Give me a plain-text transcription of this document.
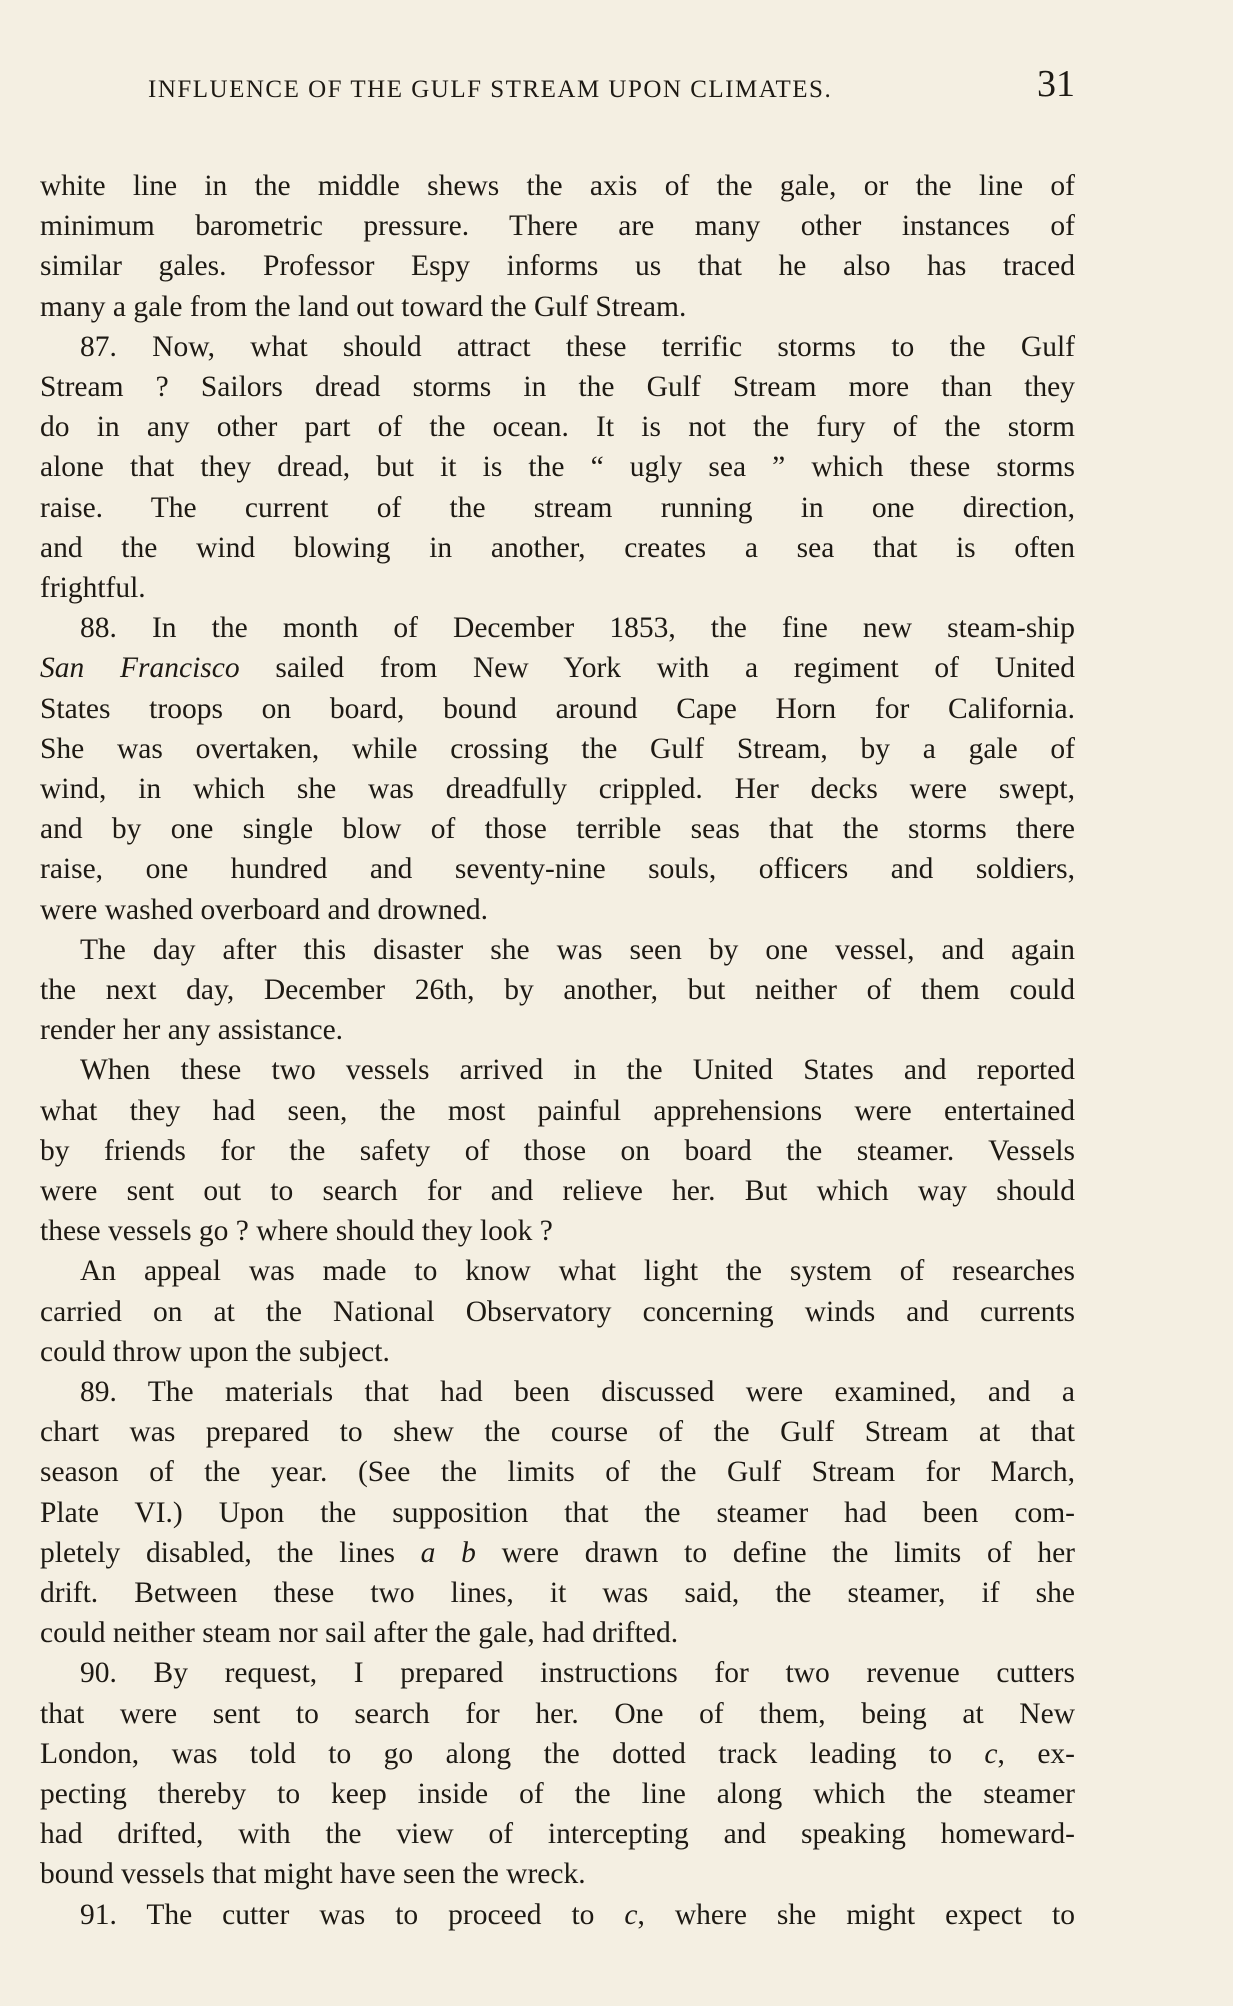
INFLUENCE OF THE GULF STREAM UPON CLIMATES.	31
white line in the middle shews the axis of the gale, or the line of
minimum barometric pressure. There are many other instances of
similar gales. Professor Espy informs us that he also has traced
many a gale from the land out toward the Gulf Stream.
87. Now, what should attract these terrific storms to the Gulf
Stream ? Sailors dread storms in the Gulf Stream more than they
do in any other part of the ocean. It is not the fury of the storm
alone that they dread, but it is the “ ugly sea ” which these storms
raise. The current of the stream running in one direction,
and the wind blowing in another, creates a sea that is often
frightful.
88. In the month of December 1853, the fine new steam-ship
San Francisco sailed from New York with a regiment of United
States troops on board, bound around Cape Horn for California.
She was overtaken, while crossing the Gulf Stream, by a gale of
wind, in which she was dreadfully crippled. Her decks were swept,
and by one single blow of those terrible seas that the storms there
raise, one hundred and seventy-nine souls, officers and soldiers,
were washed overboard and drowned.
The day after this disaster she was seen by one vessel, and again
the next day, December 26th, by another, but neither of them could
render her any assistance.
When these two vessels arrived in the United States and reported
what they had seen, the most painful apprehensions were entertained
by friends for the safety of those on board the steamer. Vessels
were sent out to search for and relieve her. But which way should
these vessels go ? where should they look ?
An appeal was made to know what light the system of researches
carried on at the National Observatory concerning winds and currents
could throw upon the subject.
89. The materials that had been discussed were examined, and a
chart was prepared to shew the course of the Gulf Stream at that
season of the year. (See the limits of the Gulf Stream for March,
Plate VI.) Upon the supposition that the steamer had been com-
pletely disabled, the lines a b were drawn to define the limits of her
drift. Between these two lines, it was said, the steamer, if she
could neither steam nor sail after the gale, had drifted.
90. By request, I prepared instructions for two revenue cutters
that were sent to search for her. One of them, being at New
London, was told to go along the dotted track leading to c, ex-
pecting thereby to keep inside of the line along which the steamer
had drifted, with the view of intercepting and speaking homeward-
bound vessels that might have seen the wreck.
91. The cutter was to proceed to c, where she might expect to
